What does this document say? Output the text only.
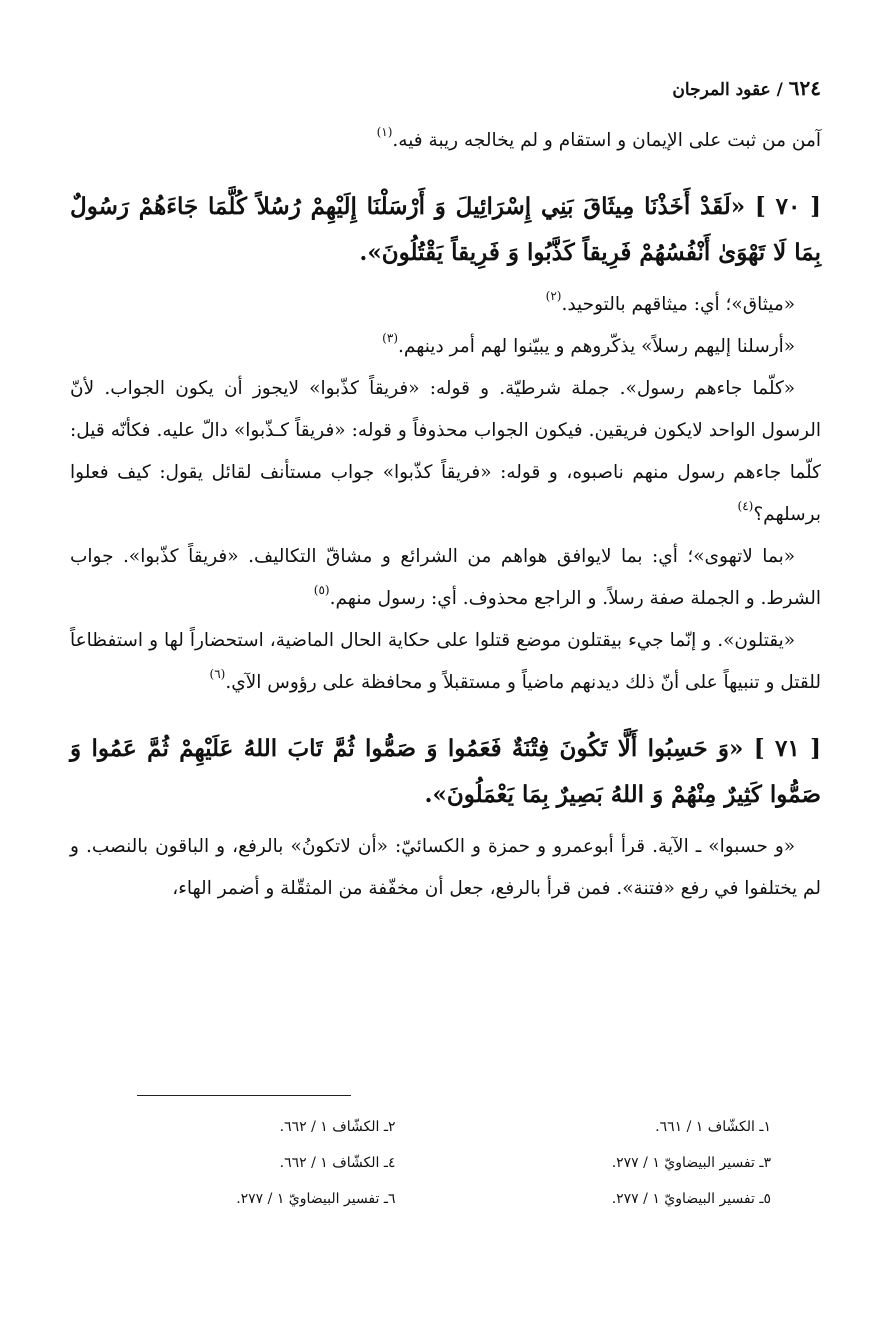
٦٢٤ / عقود المرجان

آمن من ثبت على الإيمان و استقام و لم يخالجه ريبة فيه.$^{(١)}$

[ ٧٠ ] «لَقَدْ أَخَذْنَا مِيثَاقَ بَنِي إِسْرَائِيلَ وَ أَرْسَلْنَا إِلَيْهِمْ رُسُلاً كُلَّمَا جَاءَهُمْ رَسُولٌ بِمَا لَا تَهْوَىٰ أَنْفُسُهُمْ فَرِيقاً كَذَّبُوا وَ فَرِيقاً يَقْتُلُونَ».

«ميثاق»؛ أي: ميثاقهم بالتوحيد.$^{(٢)}$

«أرسلنا إليهم رسلاً» يذكّروهم و يبيّنوا لهم أمر دينهم.$^{(٣)}$

«كلّما جاءهم رسول». جملة شرطيّة. و قوله: «فريقاً كذّبوا» لايجوز أن يكون الجواب. لأنّ الرسول الواحد لايكون فريقين. فيكون الجواب محذوفاً و قوله: «فريقاً كـذّبوا» دالّ عليه. فكأنّه قيل: كلّما جاءهم رسول منهم ناصبوه، و قوله: «فريقاً كذّبوا» جواب مستأنف لقائل يقول: كيف فعلوا برسلهم؟$^{(٤)}$

«بما لاتهوى»؛ أي: بما لايوافق هواهم من الشرائع و مشاقّ التكاليف. «فريقاً كذّبوا». جواب الشرط. و الجملة صفة رسلاً. و الراجع محذوف. أي: رسول منهم.$^{(٥)}$

«يقتلون». و إنّما جيء بيقتلون موضع قتلوا على حكاية الحال الماضية، استحضاراً لها و استفظاعاً للقتل و تنبيهاً على أنّ ذلك ديدنهم ماضياً و مستقبلاً و محافظة على رؤوس الآي.$^{(٦)}$

[ ٧١ ] «وَ حَسِبُوا أَلَّا تَكُونَ فِتْنَةٌ فَعَمُوا وَ صَمُّوا ثُمَّ تَابَ اللهُ عَلَيْهِمْ ثُمَّ عَمُوا وَ صَمُّوا كَثِيرٌ مِنْهُمْ وَ اللهُ بَصِيرٌ بِمَا يَعْمَلُونَ».

«و حسبوا» ـ الآية. قرأ أبوعمرو و حمزة و الكسائيّ: «أن لاتكونُ» بالرفع، و الباقون بالنصب. و لم يختلفوا في رفع «فتنة». فمن قرأ بالرفع، جعل أن مخفّفة من المثقّلة و أضمر الهاء،

١ـ الكشّاف ١ / ٦٦١.
٢ـ الكشّاف ١ / ٦٦٢.
٣ـ تفسير البيضاويّ ١ / ٢٧٧.
٤ـ الكشّاف ١ / ٦٦٢.
٥ـ تفسير البيضاويّ ١ / ٢٧٧.
٦ـ تفسير البيضاويّ ١ / ٢٧٧.
